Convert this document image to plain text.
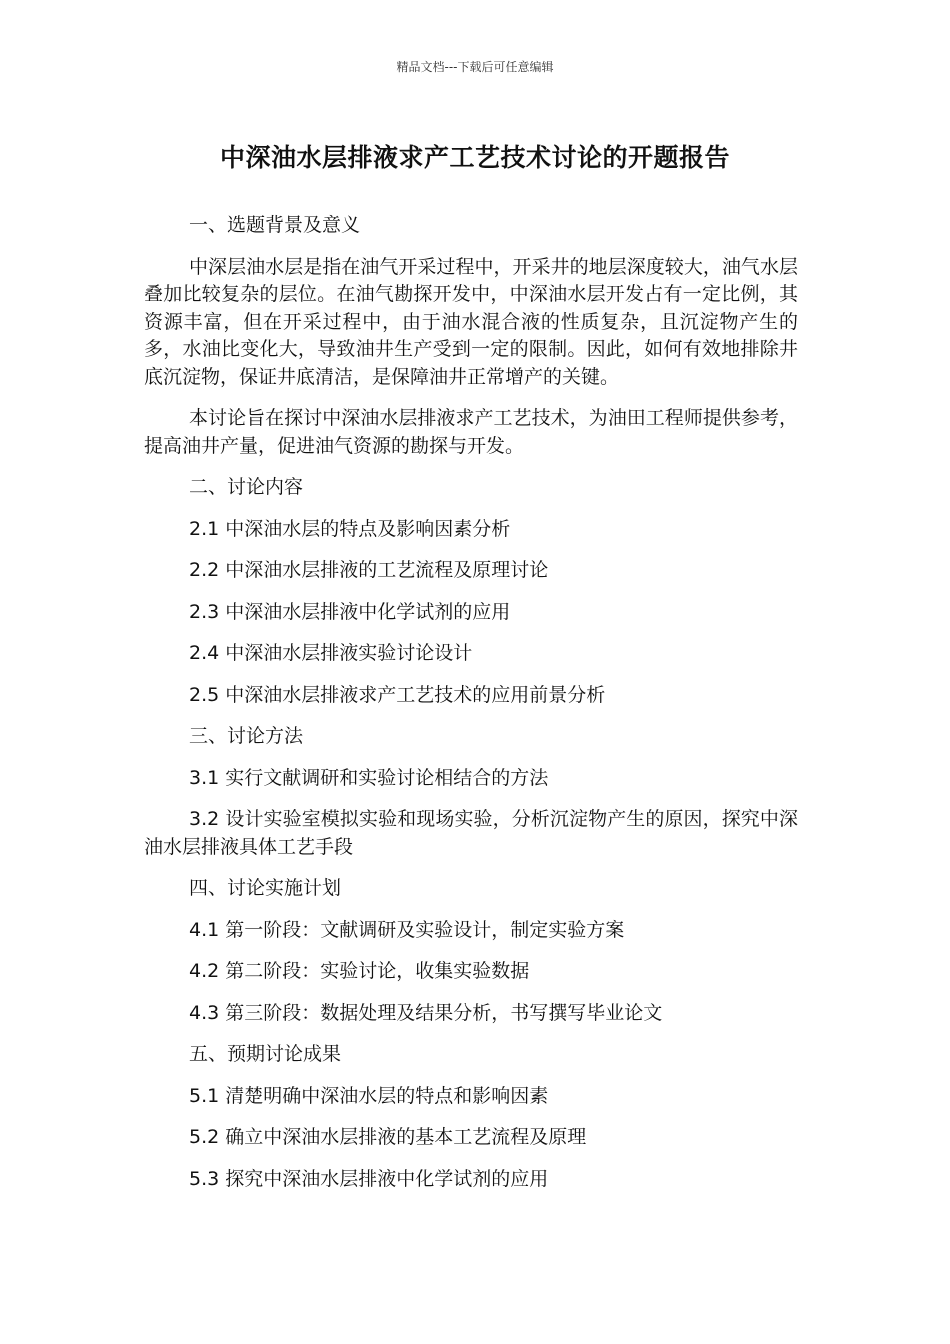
精品文档---下载后可任意编辑
中深油水层排液求产工艺技术讨论的开题报告
一、选题背景及意义
中深层油水层是指在油气开采过程中，开采井的地层深度较大，油气水层叠加比较复杂的层位。在油气勘探开发中，中深油水层开发占有一定比例，其资源丰富，但在开采过程中，由于油水混合液的性质复杂，且沉淀物产生的多，水油比变化大，导致油井生产受到一定的限制。因此，如何有效地排除井底沉淀物，保证井底清洁，是保障油井正常增产的关键。
本讨论旨在探讨中深油水层排液求产工艺技术，为油田工程师提供参考，提高油井产量，促进油气资源的勘探与开发。
二、讨论内容
2.1 中深油水层的特点及影响因素分析
2.2 中深油水层排液的工艺流程及原理讨论
2.3 中深油水层排液中化学试剂的应用
2.4 中深油水层排液实验讨论设计
2.5 中深油水层排液求产工艺技术的应用前景分析
三、讨论方法
3.1 实行文献调研和实验讨论相结合的方法
3.2 设计实验室模拟实验和现场实验，分析沉淀物产生的原因，探究中深油水层排液具体工艺手段
四、讨论实施计划
4.1 第一阶段：文献调研及实验设计，制定实验方案
4.2 第二阶段：实验讨论，收集实验数据
4.3 第三阶段：数据处理及结果分析，书写撰写毕业论文
五、预期讨论成果
5.1 清楚明确中深油水层的特点和影响因素
5.2 确立中深油水层排液的基本工艺流程及原理
5.3 探究中深油水层排液中化学试剂的应用
